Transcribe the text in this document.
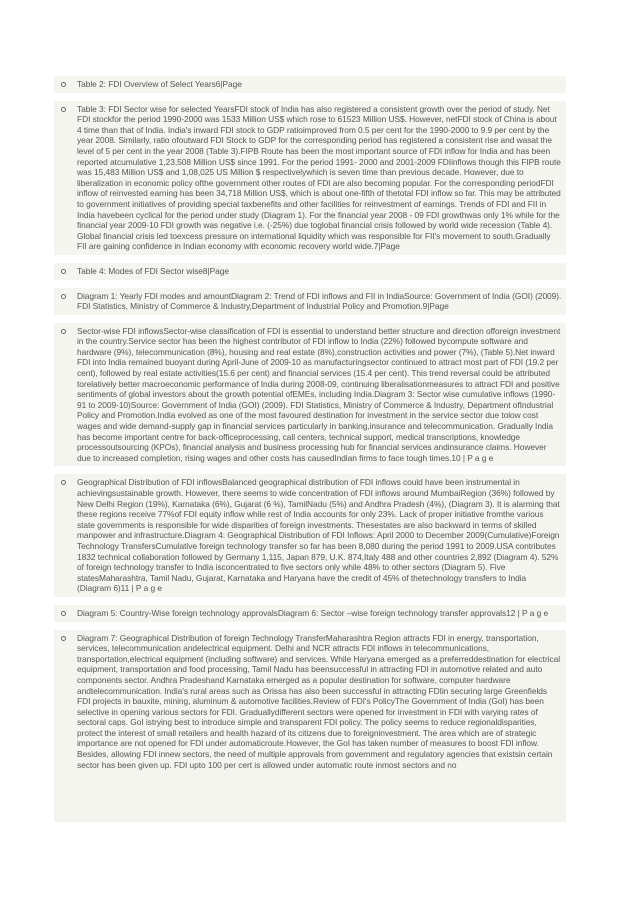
Table 2: FDI Overview of Select Years6|Page
Table 3: FDI Sector wise for selected YearsFDI stock of India has also registered a consistent growth over the period of study. Net FDI stockfor the period 1990-2000 was 1533 Million US$ which rose to 61523 Million US$. However, netFDI stock of China is about 4 time than that of India. India's inward FDI stock to GDP ratioimproved from 0.5 per cent for the 1990-2000 to 9.9 per cent by the year 2008. Similarly, ratio ofoutward FDI Stock to GDP for the corresponding period has registered a consistent rise and wasat the level of 5 per cent in the year 2008 (Table 3).FIPB Route has been the most important source of FDI inflow for India and has been reported atcumulative 1,23,508 Million US$ since 1991. For the period 1991- 2000 and 2001-2009 FDIinflows though this FIPB route was 15,483 Million US$ and 1,08,025 US Million $ respectivelywhich is seven time than previous decade. However, due to liberalization in economic policy ofthe government other routes of FDI are also becoming popular. For the corresponding periodFDI inflow of reinvested earning has been 34,718 Million US$, which is about one-fifth of thetotal FDI inflow so far. This may be attributed to government initiatives of providing special taxbenefits and other facilities for reinvestment of earnings. Trends of FDI and FII in India havebeen cyclical for the period under study (Diagram 1). For the financial year 2008 - 09 FDI growthwas only 1% while for the financial year 2009-10 FDI growth was negative i.e. (-25%) due toglobal financial crisis followed by world wide recession (Table 4). Global financial crisis led toexcess pressure on international liquidity which was responsible for FII's movement to south.Gradually FII are gaining confidence in Indian economy with economic recovery world wide.7|Page
Table 4: Modes of FDI Sector wise8|Page
Diagram 1: Yearly FDI modes and amountDiagram 2: Trend of FDI inflows and FII in IndiaSource: Government of India (GOI) (2009). FDI Statistics, Ministry of Commerce & Industry,Department of Industrial Policy and Promotion.9|Page
Sector-wise FDI inflowsSector-wise classification of FDI is essential to understand better structure and direction offoreign investment in the country.Service sector has been the highest contributor of FDI inflow to India (22%) followed bycompute software and hardware (9%), telecommunication (8%), housing and real estate (8%),construction activities and power (7%), (Table 5).Net inward FDI into India remained buoyant during April-June of 2009-10 as manufacturingsector continued to attract most part of FDI (19.2 per cent), followed by real estate activities(15.6 per cent) and financial services (15.4 per cent). This trend reversal could be attributed torelatively better macroeconomic performance of India during 2008-09, continuing liberalisationmeasures to attract FDI and positive sentiments of global investors about the growth potential ofEMEs, including India.Diagram 3: Sector wise cumulative inflows (1990-91 to 2009-10)Source: Government of India (GOI) (2009). FDI Statistics, Ministry of Commerce & Industry, Department ofIndustrial Policy and Promotion.India evolved as one of the most favoured destination for investment in the service sector due tolow cost wages and wide demand-supply gap in financial services particularly in banking,insurance and telecommunication. Gradually India has become important centre for back-officeprocessing, call centers, technical support, medical transcriptions, knowledge processoutsourcing (KPOs), financial analysis and business processing hub for financial services andinsurance claims. However due to increased completion, rising wages and other costs has causedIndian firms to face tough times.10 | P a g e
Geographical Distribution of FDI inflowsBalanced geographical distribution of FDI inflows could have been instrumental in achievingsustainable growth. However, there seems to wide concentration of FDI inflows around MumbaiRegion (36%) followed by New Delhi Region (19%), Karnataka (6%), Gujarat (6 %), TamilNadu (5%) and Andhra Pradesh (4%), (Diagram 3). It is alarming that these regions receive 77%of FDI equity inflow while rest of India accounts for only 23%. Lack of proper initiative fromthe various state governments is responsible for wide disparities of foreign investments. Thesestates are also backward in terms of skilled manpower and infrastructure.Diagram 4: Geographical Distribution of FDI Inflows: April 2000 to December 2009(Cumulative)Foreign Technology TransfersCumulative foreign technology transfer so far has been 8,080 during the period 1991 to 2009.USA contributes 1832 technical collaboration followed by Germany 1,115, Japan 879, U.K. 874,Italy 488 and other countries 2,892 (Diagram 4). 52% of foreign technology transfer to India isconcentrated to five sectors only while 48% to other sectors (Diagram 5). Five statesMaharashtra, Tamil Nadu, Gujarat, Karnataka and Haryana have the credit of 45% of thetechnology transfers to India (Diagram 6)11 | P a g e
Diagram 5: Country-Wise foreign technology approvalsDiagram 6: Sector –wise foreign technology transfer approvals12 | P a g e
Diagram 7: Geographical Distribution of foreign Technology TransferMaharashtra Region attracts FDI in energy, transportation, services, telecommunication andelectrical equipment. Delhi and NCR attracts FDI inflows in telecommunications, transportation,electrical equipment (including software) and services. While Haryana emerged as a preferreddestination for electrical equipment, transportation and food processing, Tamil Nadu has beensuccessful in attracting FDI in automotive related and auto components sector. Andhra Pradeshand Karnataka emerged as a popular destination for software, computer hardware andtelecommunication. India's rural areas such as Orissa has also been successful in attracting FDIin securing large Greenfields FDI projects in bauxite, mining, aluminum & automotive facilities.Review of FDI's PolicyThe Government of India (GoI) has been selective in opening various sectors for FDI. Graduallydifferent sectors were opened for investment in FDI with varying rates of sectoral caps. GoI istrying best to introduce simple and transparent FDI policy. The policy seems to reduce regionaldisparities, protect the interest of small retailers and health hazard of its citizens due to foreigninvestment. The area which are of strategic importance are not opened for FDI under automaticroute.However, the GoI has taken number of measures to boost FDI inflow. Besides, allowing FDI innew sectors, the need of multiple approvals from government and regulatory agencies that existsin certain sector has been given up. FDI upto 100 per cert is allowed under automatic route inmost sectors and no
